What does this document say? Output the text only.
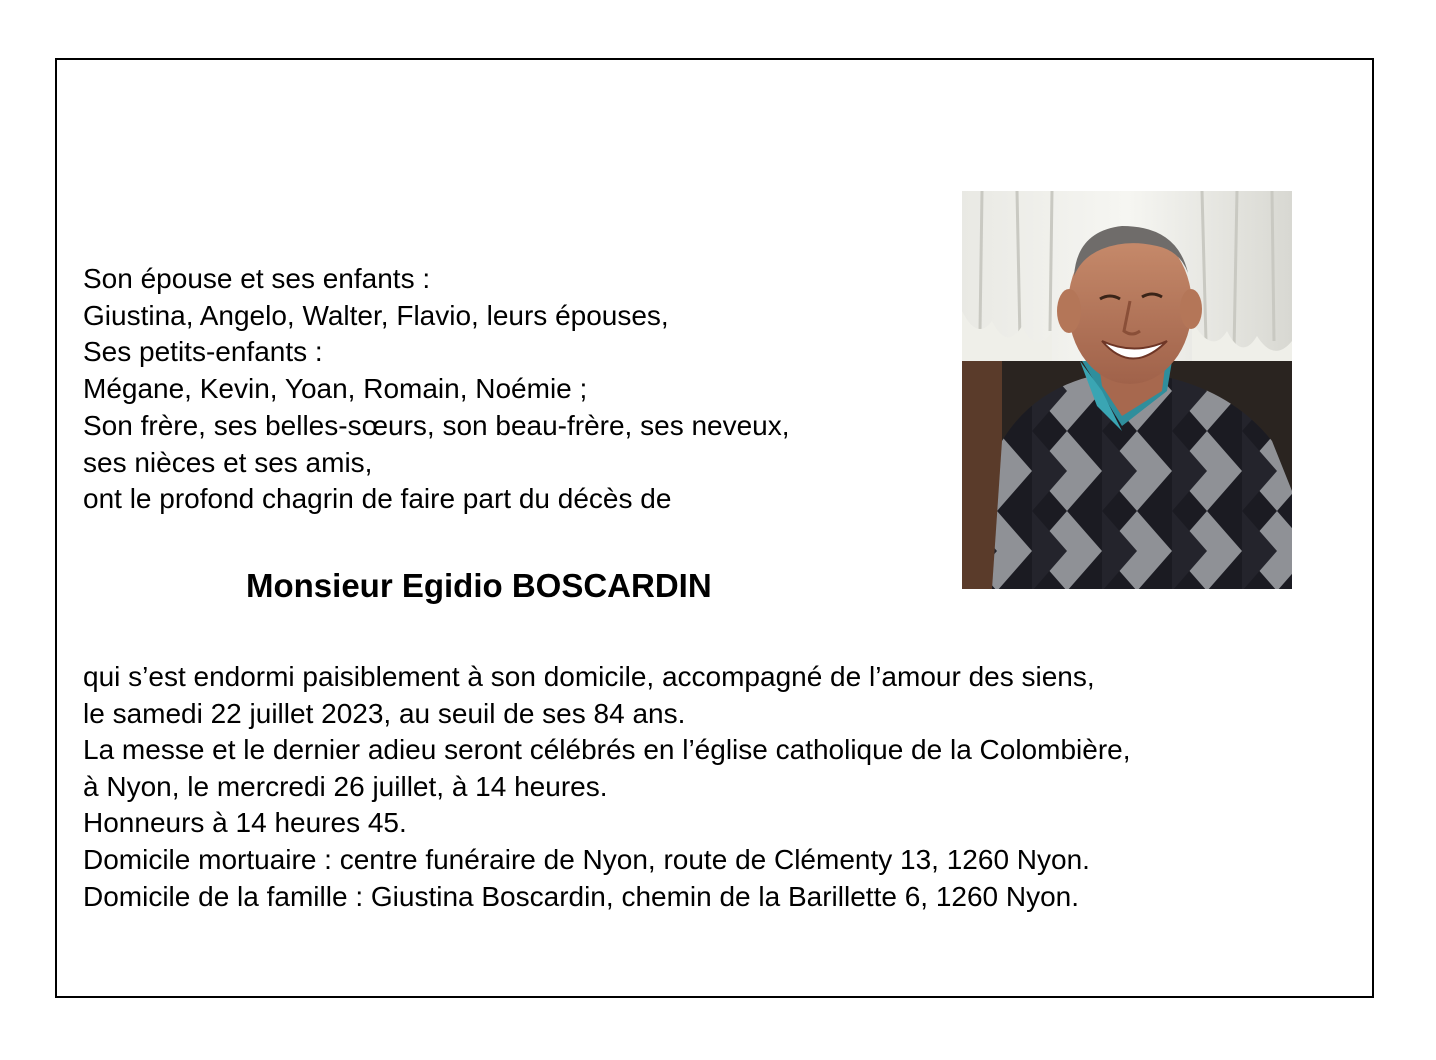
Son épouse et ses enfants :
Giustina, Angelo, Walter, Flavio, leurs épouses,
Ses petits-enfants :
Mégane, Kevin, Yoan, Romain, Noémie ;
Son frère, ses belles-sœurs, son beau-frère, ses neveux,
ses nièces et ses amis,
ont le profond chagrin de faire part du décès de
Monsieur Egidio BOSCARDIN
qui s’est endormi paisiblement à son domicile, accompagné de l’amour des siens,
le samedi 22 juillet 2023, au seuil de ses 84 ans.
La messe et le dernier adieu seront célébrés en l’église catholique de la Colombière,
à Nyon, le mercredi 26 juillet, à 14 heures.
Honneurs à 14 heures 45.
Domicile mortuaire : centre funéraire de Nyon, route de Clémenty 13, 1260 Nyon.
Domicile de la famille : Giustina Boscardin, chemin de la Barillette 6, 1260 Nyon.
